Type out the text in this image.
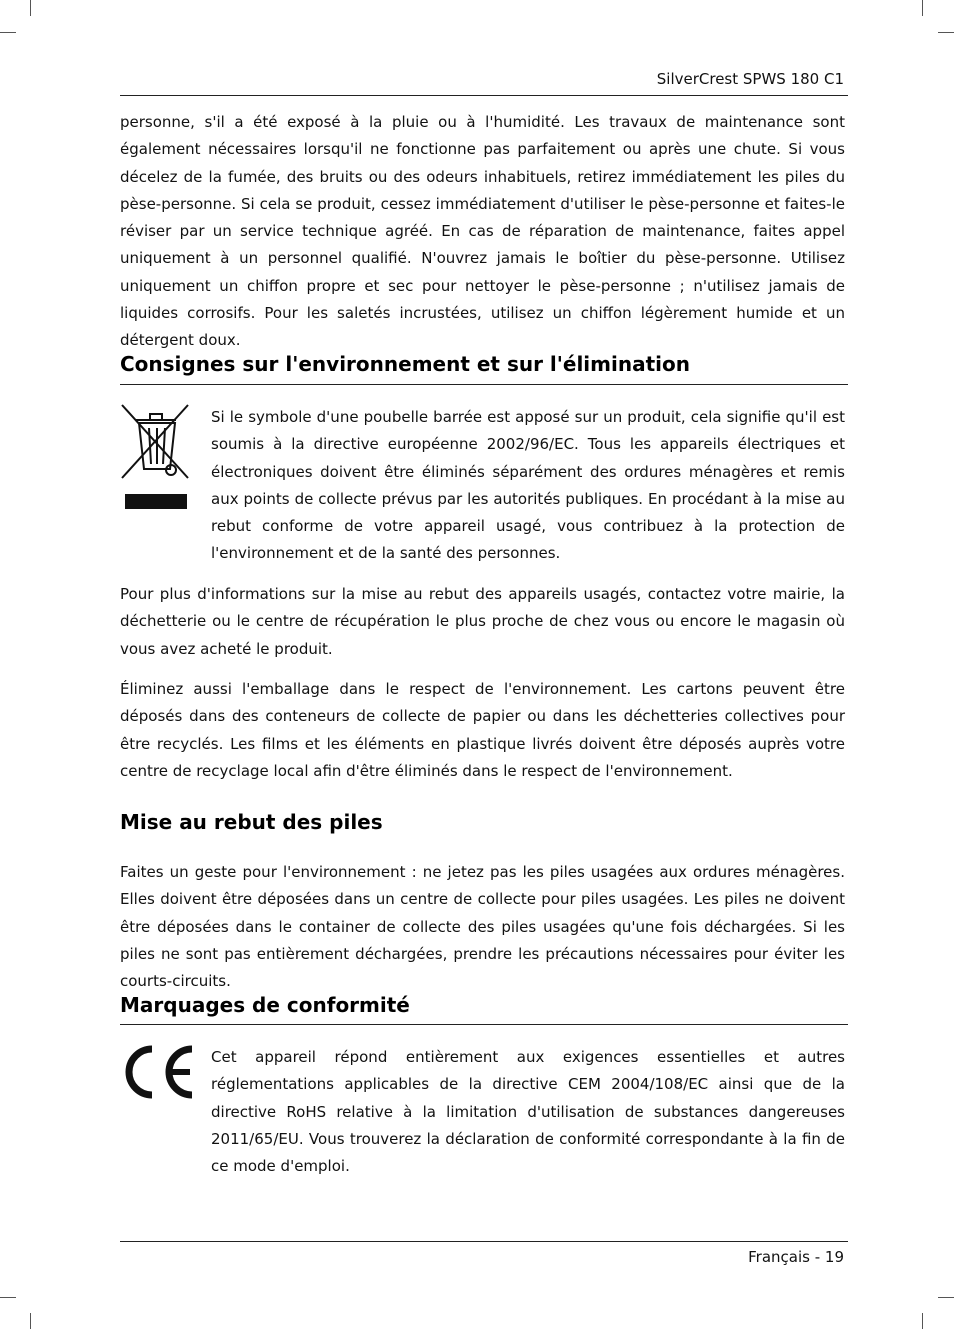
SilverCrest SPWS 180 C1
personne, s'il a été exposé à la pluie ou à l'humidité. Les travaux de maintenance sont également nécessaires lorsqu'il ne fonctionne pas parfaitement ou après une chute. Si vous décelez de la fumée, des bruits ou des odeurs inhabituels, retirez immédiatement les piles du pèse-personne. Si cela se produit, cessez immédiatement d'utiliser le pèse-personne et faites-le réviser par un service technique agréé. En cas de réparation de maintenance, faites appel uniquement à un personnel qualifié. N'ouvrez jamais le boîtier du pèse-personne. Utilisez uniquement un chiffon propre et sec pour nettoyer le pèse-personne ; n'utilisez jamais de liquides corrosifs. Pour les saletés incrustées, utilisez un chiffon légèrement humide et un détergent doux.
Consignes sur l'environnement et sur l'élimination
Si le symbole d'une poubelle barrée est apposé sur un produit, cela signifie qu'il est soumis à la directive européenne 2002/96/EC. Tous les appareils électriques et électroniques doivent être éliminés séparément des ordures ménagères et remis aux points de collecte prévus par les autorités publiques. En procédant à la mise au rebut conforme de votre appareil usagé, vous contribuez à la protection de l'environnement et de la santé des personnes.
Pour plus d'informations sur la mise au rebut des appareils usagés, contactez votre mairie, la déchetterie ou le centre de récupération le plus proche de chez vous ou encore le magasin où vous avez acheté le produit.
Éliminez aussi l'emballage dans le respect de l'environnement. Les cartons peuvent être déposés dans des conteneurs de collecte de papier ou dans les déchetteries collectives pour être recyclés. Les films et les éléments en plastique livrés doivent être déposés auprès votre centre de recyclage local afin d'être éliminés dans le respect de l'environnement.
Mise au rebut des piles
Faites un geste pour l'environnement : ne jetez pas les piles usagées aux ordures ménagères. Elles doivent être déposées dans un centre de collecte pour piles usagées. Les piles ne doivent être déposées dans le container de collecte des piles usagées qu'une fois déchargées. Si les piles ne sont pas entièrement déchargées, prendre les précautions nécessaires pour éviter les courts-circuits.
Marquages de conformité
Cet appareil répond entièrement aux exigences essentielles et autres réglementations applicables de la directive CEM 2004/108/EC ainsi que de la directive RoHS relative à la limitation d'utilisation de substances dangereuses 2011/65/EU. Vous trouverez la déclaration de conformité correspondante à la fin de ce mode d'emploi.
Français - 19
